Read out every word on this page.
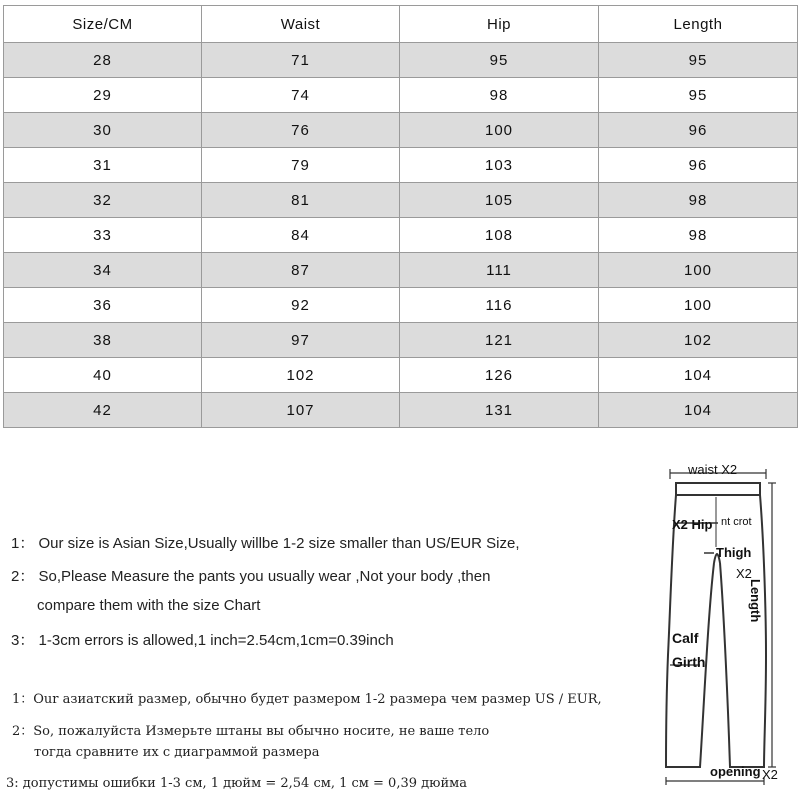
Size/CM	Waist	Hip	Length
28	71	95	95
29	74	98	95
30	76	100	96
31	79	103	96
32	81	105	98
33	84	108	98
34	87	111	100
36	92	116	100
38	97	121	102
40	102	126	104
42	107	131	104
1： Our size is Asian Size,Usually willbe 1-2 size smaller than US/EUR Size,
2： So,Please Measure the pants you usually wear ,Not your body ,then
compare them with the size Chart
3： 1-3cm errors is allowed,1 inch=2.54cm,1cm=0.39inch
1：Our азиатский размер, обычно будет размером 1-2 размера чем размер US / EUR,
2：So, пожалуйста Измерьте штаны вы обычно носите, не ваше тело
тогда сравните их с диаграммой размера
3: допустимы ошибки 1-3 см, 1 дюйм = 2,54 см, 1 см = 0,39 дюйма
waist X2
X2 Hip nt crot
Thigh
X2
Length
Calf
Girth
opening X2
